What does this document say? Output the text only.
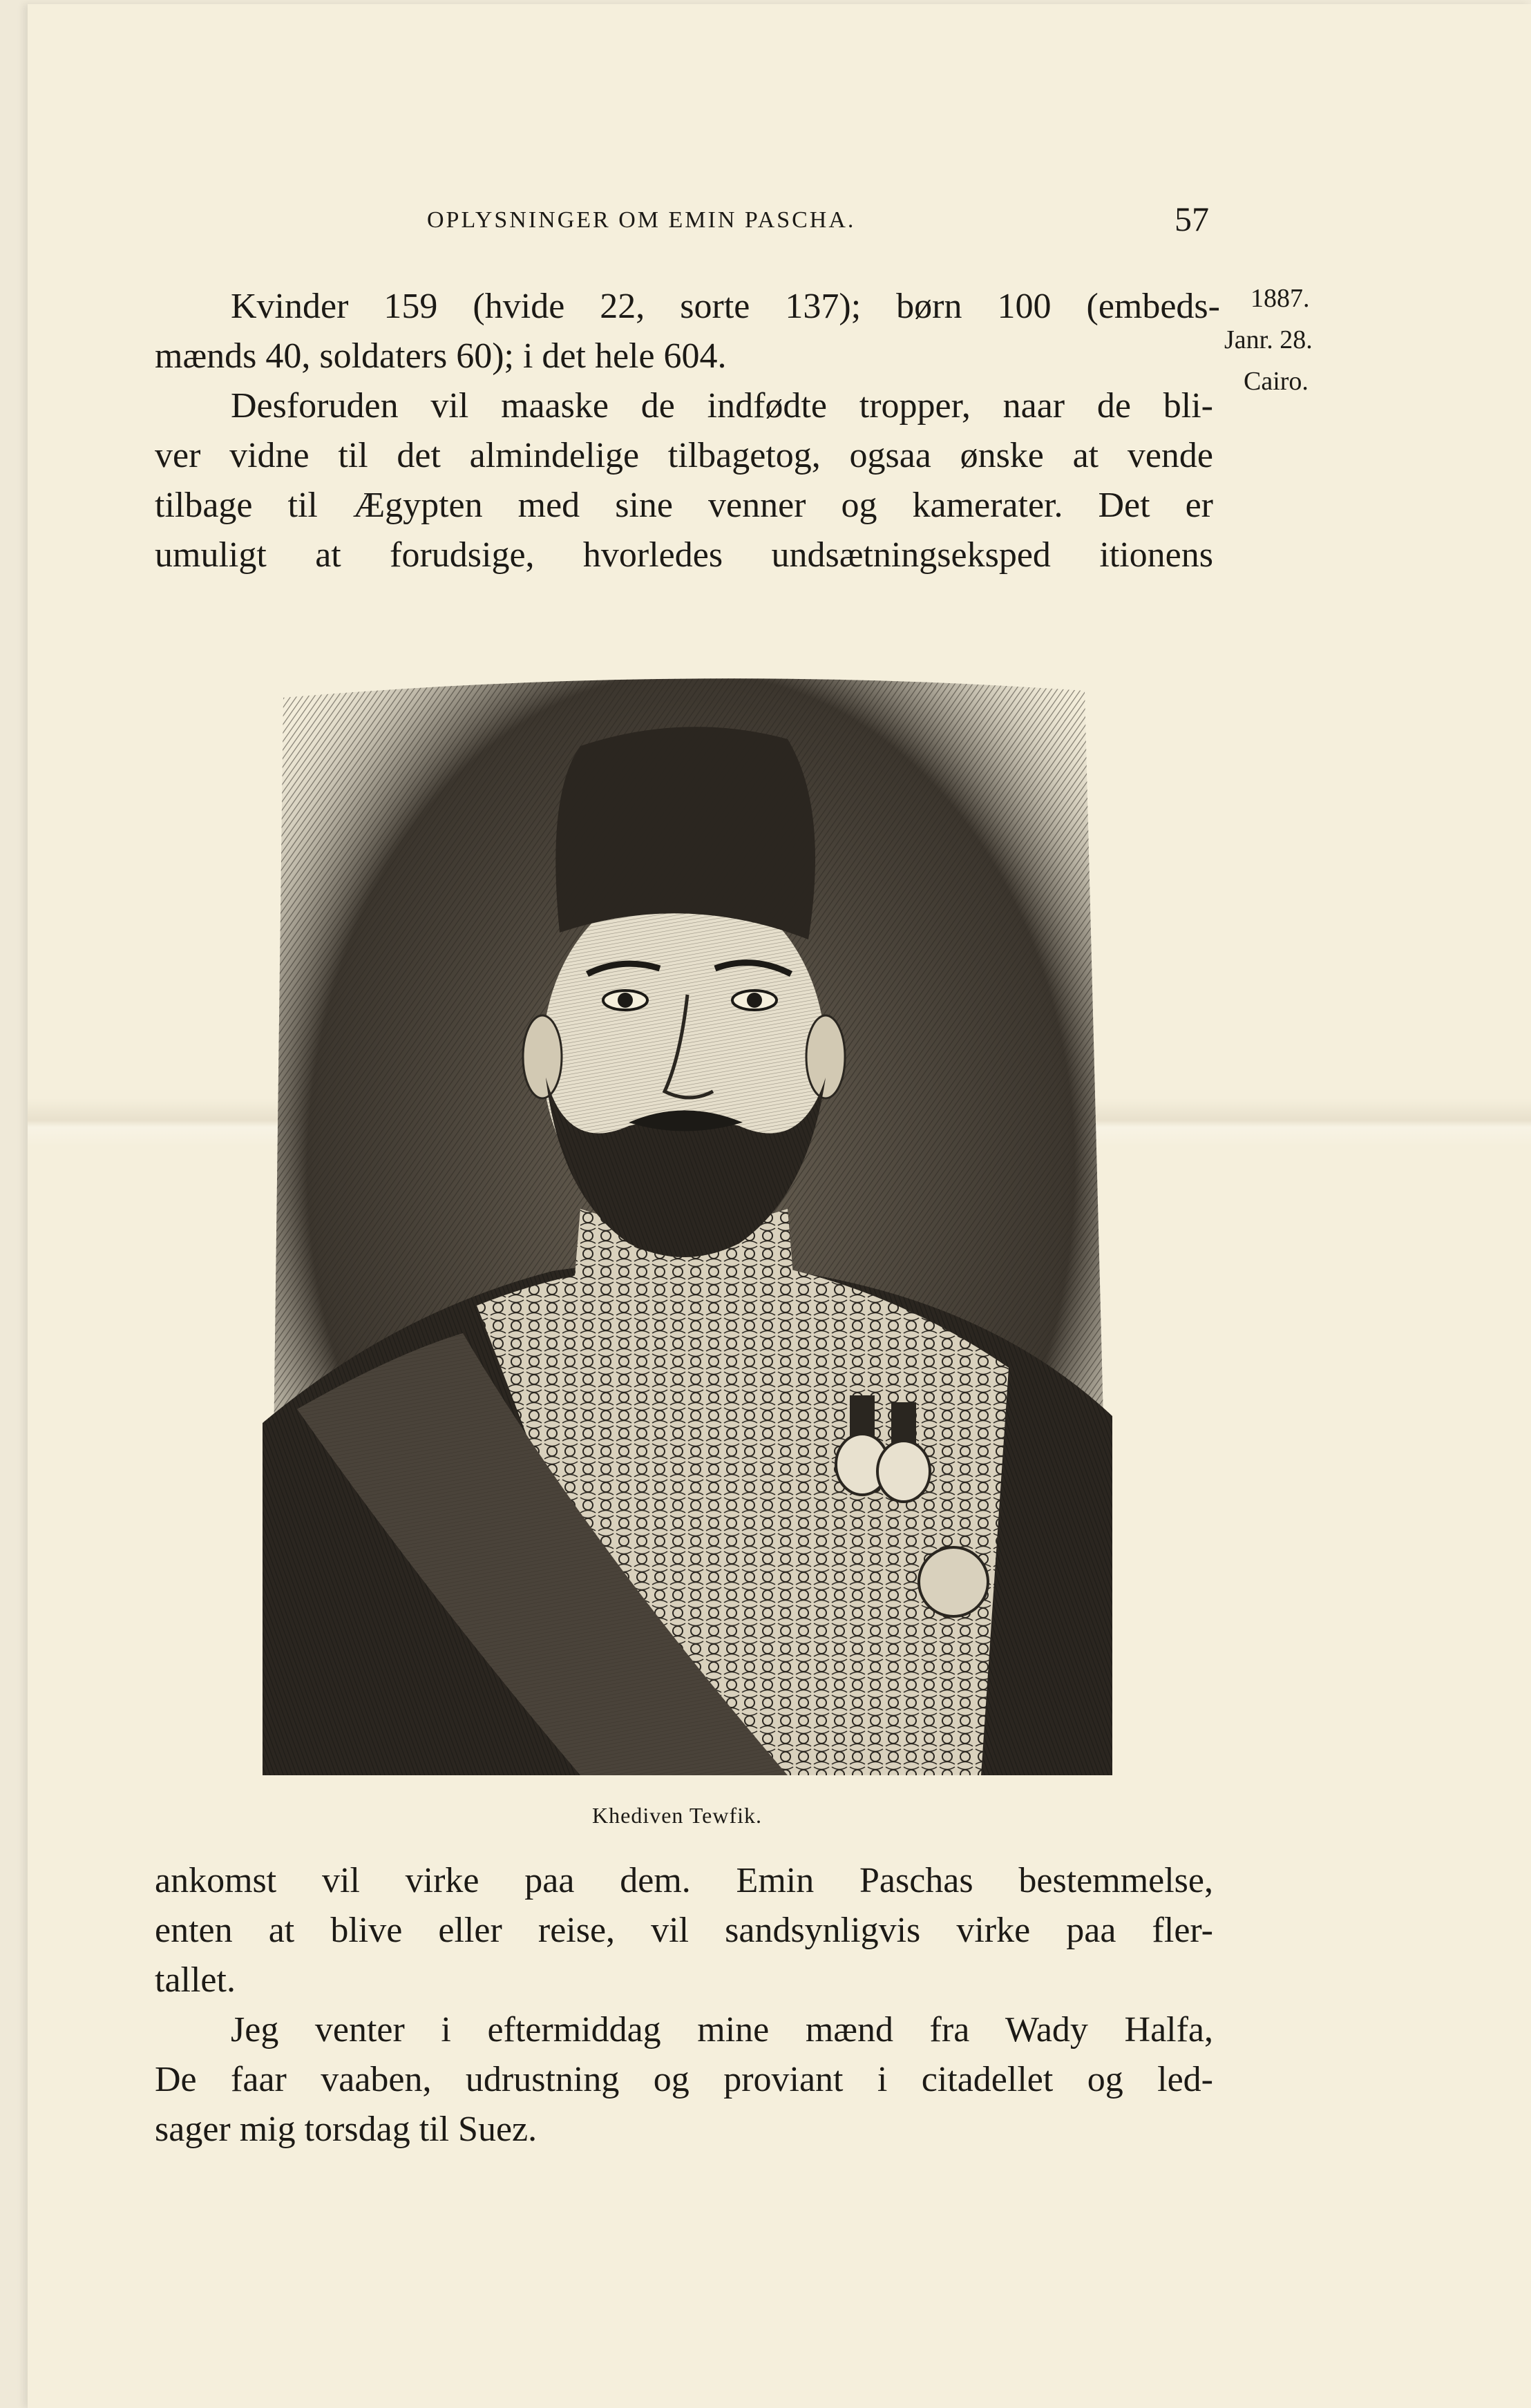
OPLYSNINGER OM EMIN PASCHA.	57
1887.
Janr. 28.
Cairo.
Kvinder 159 (hvide 22, sorte 137); børn 100 (embeds-
mænds 40, soldaters 60); i det hele 604.
Desforuden vil maaske de indfødte tropper, naar de bli-
ver vidne til det almindelige tilbagetog, ogsaa ønske at vende
tilbage til Ægypten med sine venner og kamerater. Det er
umuligt at forudsige, hvorledes undsætningseksped itionens
Khediven Tewfik.
ankomst vil virke paa dem. Emin Paschas bestemmelse,
enten at blive eller reise, vil sandsynligvis virke paa fler-
tallet.
Jeg venter i eftermiddag mine mænd fra Wady Halfa,
De faar vaaben, udrustning og proviant i citadellet og led-
sager mig torsdag til Suez.
